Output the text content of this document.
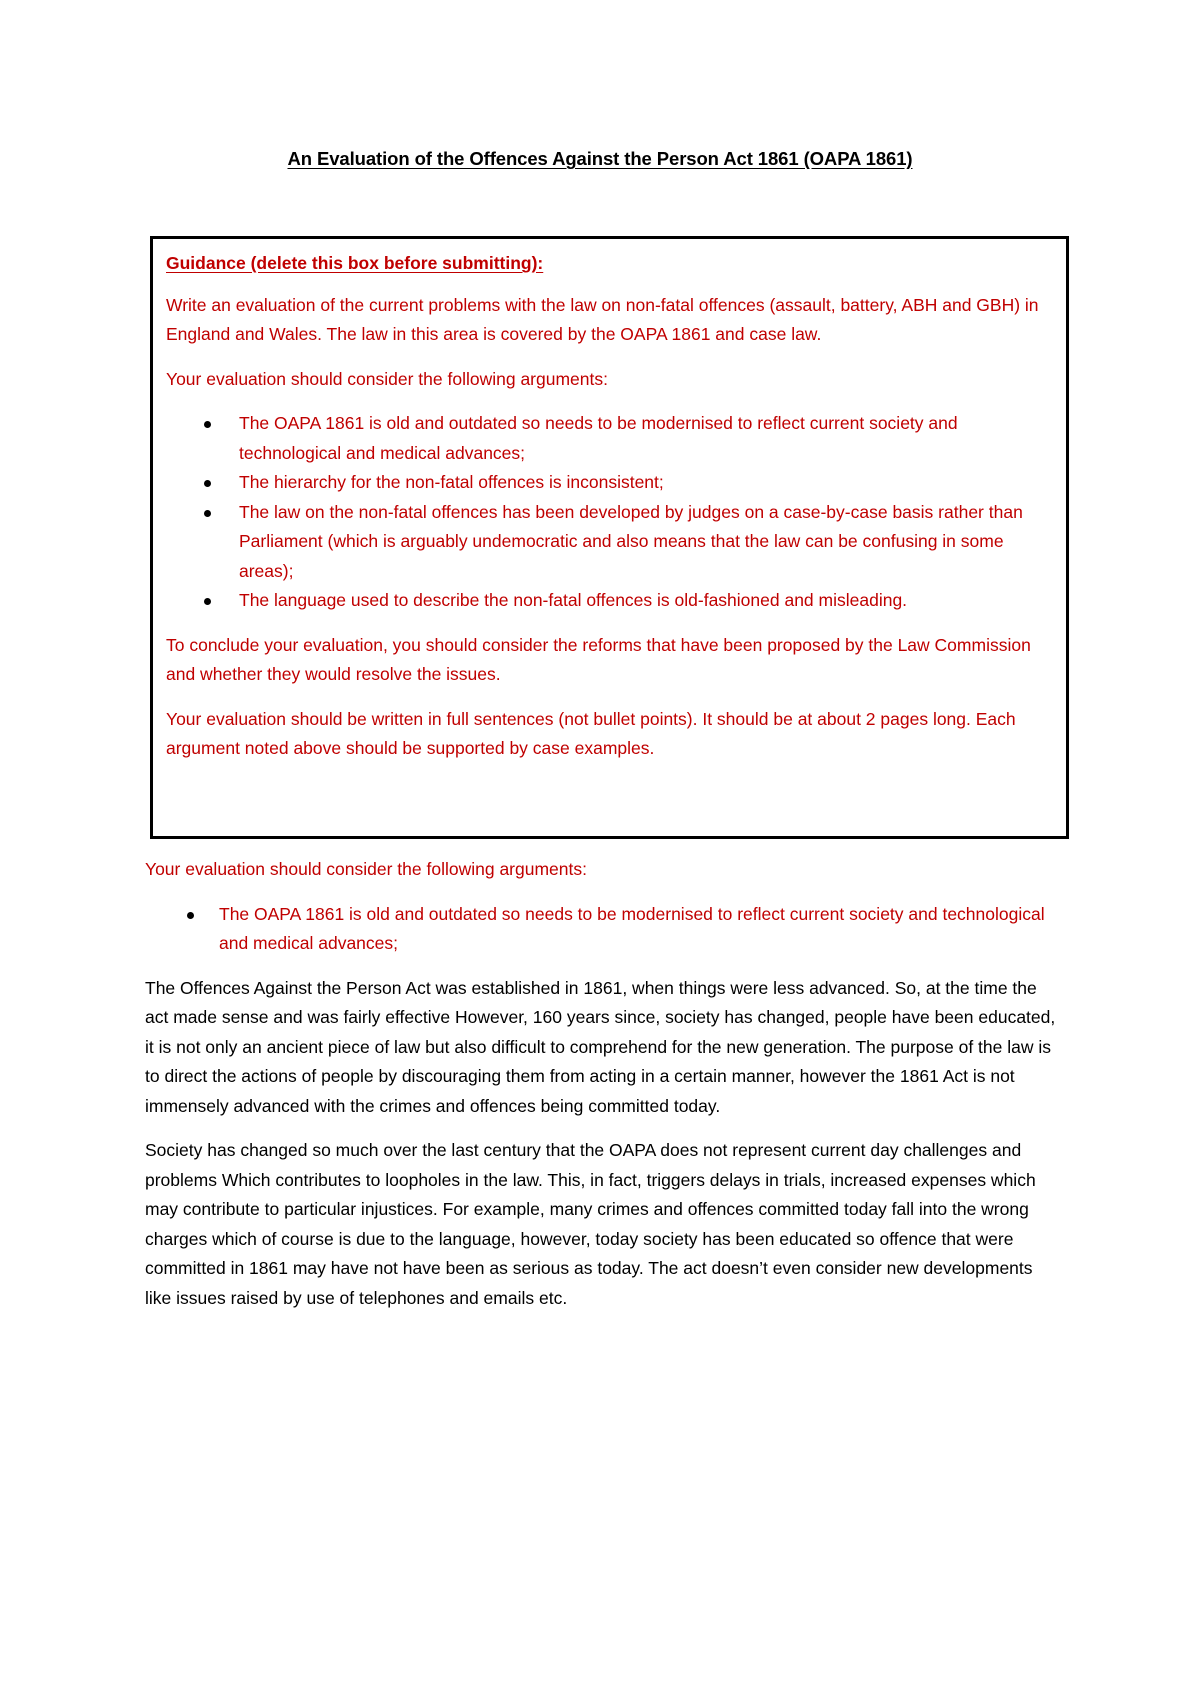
An Evaluation of the Offences Against the Person Act 1861 (OAPA 1861)

Guidance (delete this box before submitting):

Write an evaluation of the current problems with the law on non-fatal offences (assault, battery, ABH and GBH) in England and Wales. The law in this area is covered by the OAPA 1861 and case law.

Your evaluation should consider the following arguments:

The OAPA 1861 is old and outdated so needs to be modernised to reflect current society and technological and medical advances;
The hierarchy for the non-fatal offences is inconsistent;
The law on the non-fatal offences has been developed by judges on a case-by-case basis rather than Parliament (which is arguably undemocratic and also means that the law can be confusing in some areas);
The language used to describe the non-fatal offences is old-fashioned and misleading.

To conclude your evaluation, you should consider the reforms that have been proposed by the Law Commission and whether they would resolve the issues.

Your evaluation should be written in full sentences (not bullet points). It should be at about 2 pages long. Each argument noted above should be supported by case examples.

Your evaluation should consider the following arguments:

The OAPA 1861 is old and outdated so needs to be modernised to reflect current society and technological and medical advances;

The Offences Against the Person Act was established in 1861, when things were less advanced. So, at the time the act made sense and was fairly effective However, 160 years since, society has changed, people have been educated, it is not only an ancient piece of law but also difficult to comprehend for the new generation. The purpose of the law is to direct the actions of people by discouraging them from acting in a certain manner, however the 1861 Act is not immensely advanced with the crimes and offences being committed today.

Society has changed so much over the last century that the OAPA does not represent current day challenges and problems Which contributes to loopholes in the law. This, in fact, triggers delays in trials, increased expenses which may contribute to particular injustices. For example, many crimes and offences committed today fall into the wrong charges which of course is due to the language, however, today society has been educated so offence that were committed in 1861 may have not have been as serious as today. The act doesn’t even consider new developments like issues raised by use of telephones and emails etc.
